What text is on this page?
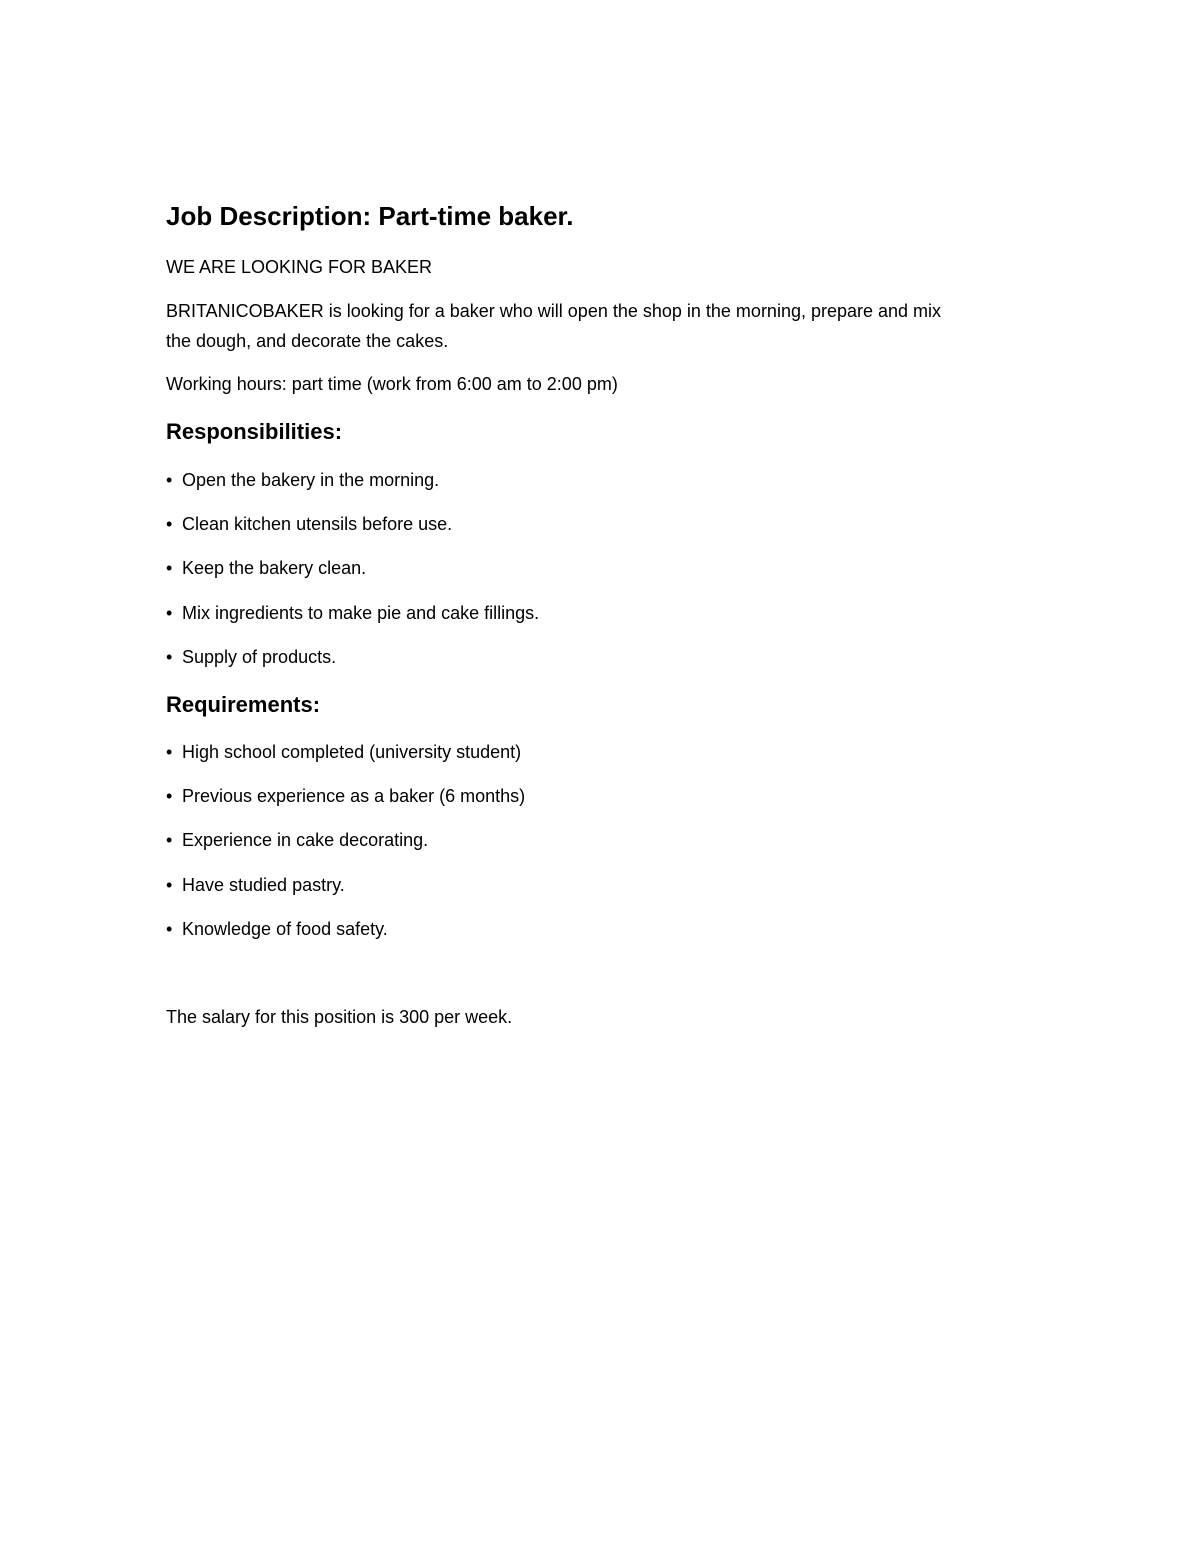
Job Description: Part-time baker.

WE ARE LOOKING FOR BAKER

BRITANICOBAKER is looking for a baker who will open the shop in the morning, prepare and mix

the dough, and decorate the cakes.

Working hours: part time (work from 6:00 am to 2:00 pm)

Responsibilities:
• Open the bakery in the morning.
• Clean kitchen utensils before use.
• Keep the bakery clean.
• Mix ingredients to make pie and cake fillings.
• Supply of products.
Requirements:
• High school completed (university student)
• Previous experience as a baker (6 months)
• Experience in cake decorating.
• Have studied pastry.
• Knowledge of food safety.

The salary for this position is 300 per week.
